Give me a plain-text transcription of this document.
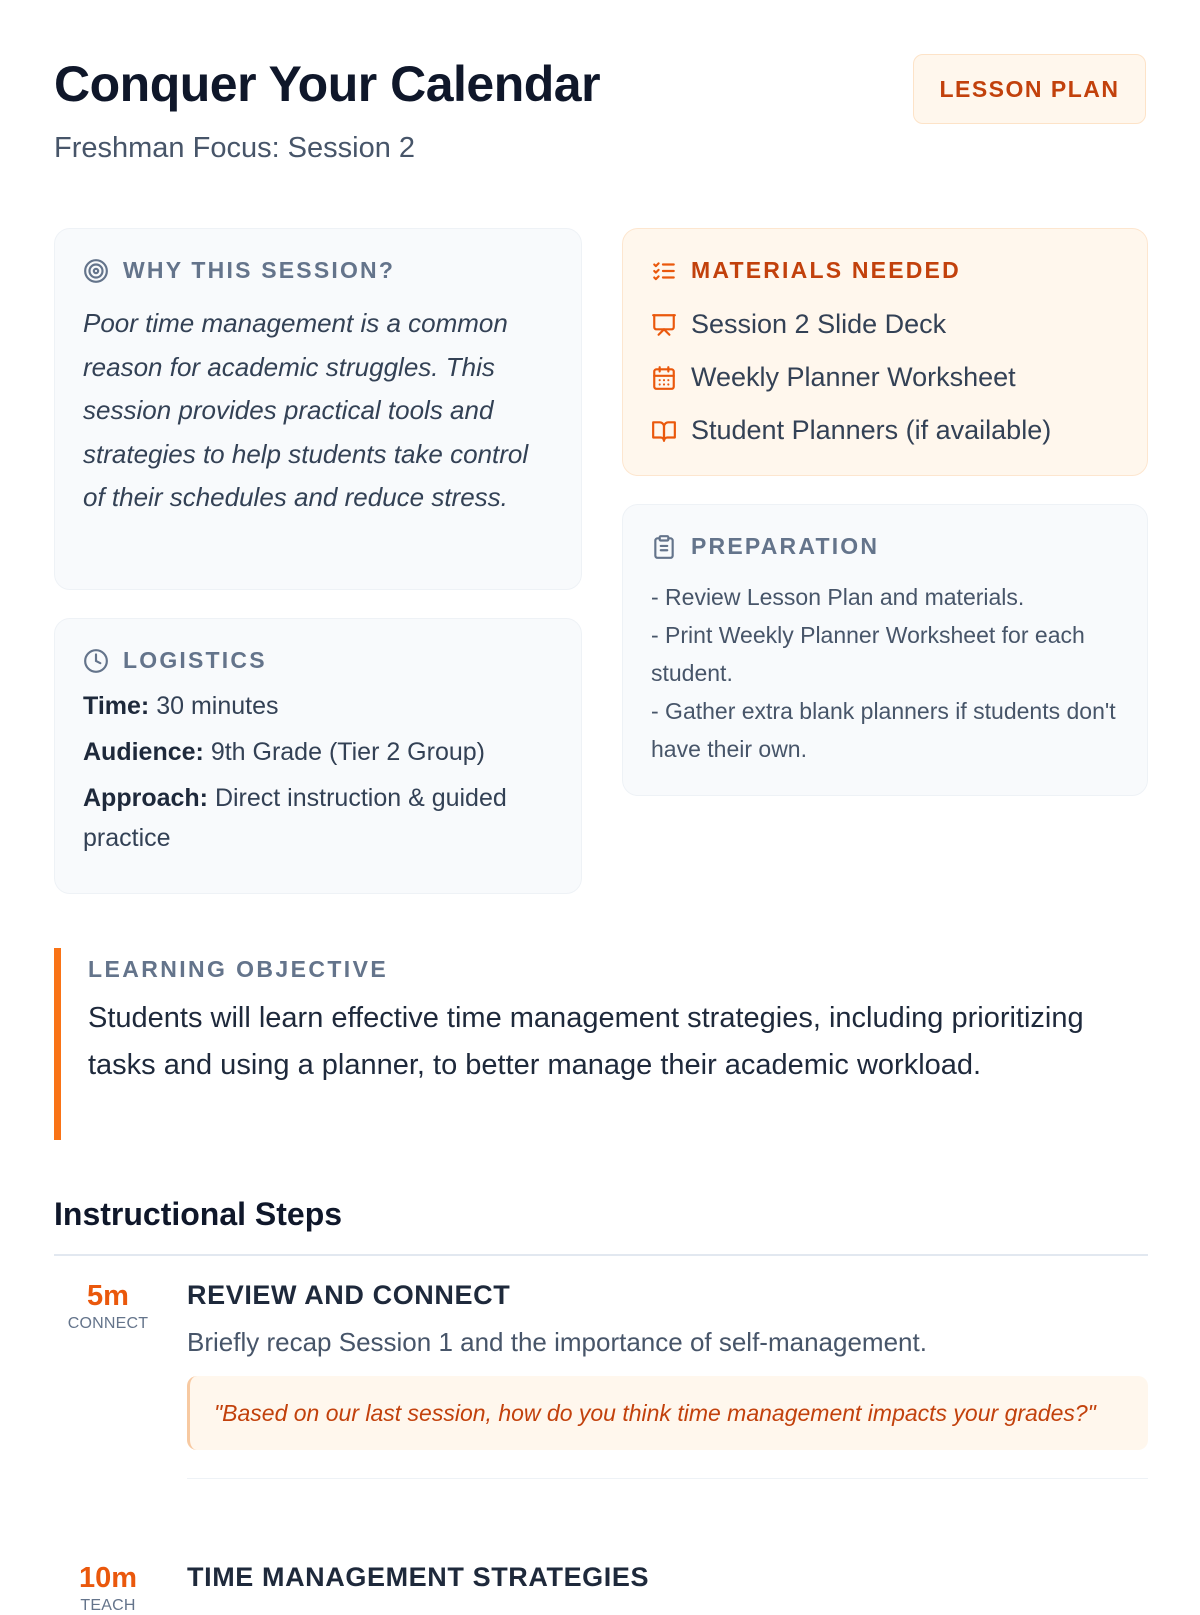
Conquer Your Calendar
Freshman Focus: Session 2
LESSON PLAN
WHY THIS SESSION?

Poor time management is a common reason for academic struggles. This session provides practical tools and strategies to help students take control of their schedules and reduce stress.

LOGISTICS
Time: 30 minutes
Audience: 9th Grade (Tier 2 Group)
Approach: Direct instruction & guided practice
MATERIALS NEEDED
Session 2 Slide Deck
Weekly Planner Worksheet
Student Planners (if available)
PREPARATION
- Review Lesson Plan and materials.
- Print Weekly Planner Worksheet for each student.
- Gather extra blank planners if students don't have their own.
LEARNING OBJECTIVE
Students will learn effective time management strategies, including prioritizing tasks and using a planner, to better manage their academic workload.
Instructional Steps
5m
CONNECT
REVIEW AND CONNECT
Briefly recap Session 1 and the importance of self-management.
"Based on our last session, how do you think time management impacts your grades?"
10m
TEACH
TIME MANAGEMENT STRATEGIES
